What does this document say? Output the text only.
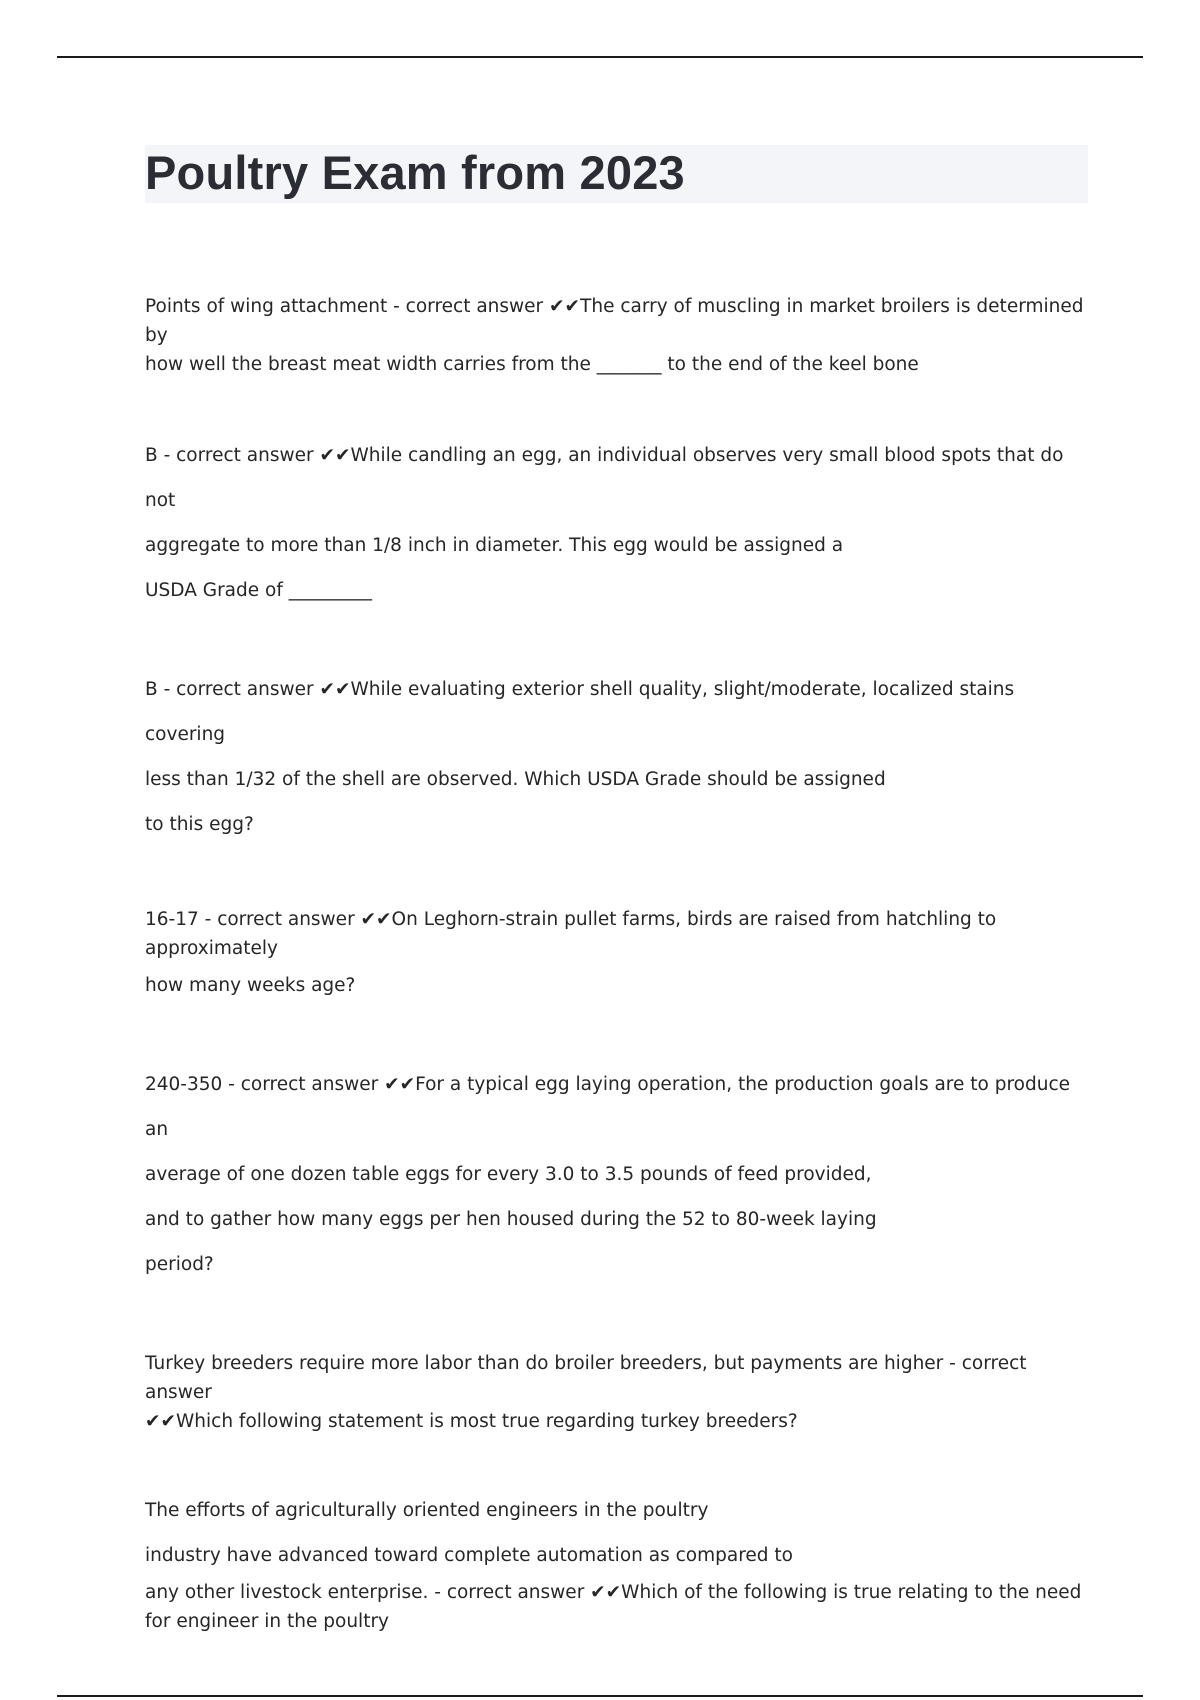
Poultry Exam from 2023
Points of wing attachment - correct answer ✔✔The carry of muscling in market broilers is determined by
how well the breast meat width carries from the _______ to the end of the keel bone
B - correct answer ✔✔While candling an egg, an individual observes very small blood spots that do not
aggregate to more than 1/8 inch in diameter. This egg would be assigned a
USDA Grade of _________
B - correct answer ✔✔While evaluating exterior shell quality, slight/moderate, localized stains covering
less than 1/32 of the shell are observed. Which USDA Grade should be assigned
to this egg?
16-17 - correct answer ✔✔On Leghorn-strain pullet farms, birds are raised from hatchling to
approximately
how many weeks age?
240-350 - correct answer ✔✔For a typical egg laying operation, the production goals are to produce an
average of one dozen table eggs for every 3.0 to 3.5 pounds of feed provided,
and to gather how many eggs per hen housed during the 52 to 80-week laying
period?
Turkey breeders require more labor than do broiler breeders, but payments are higher - correct answer
✔✔Which following statement is most true regarding turkey breeders?
The efforts of agriculturally oriented engineers in the poultry
industry have advanced toward complete automation as compared to
any other livestock enterprise. - correct answer ✔✔Which of the following is true relating to the need
for engineer in the poultry
